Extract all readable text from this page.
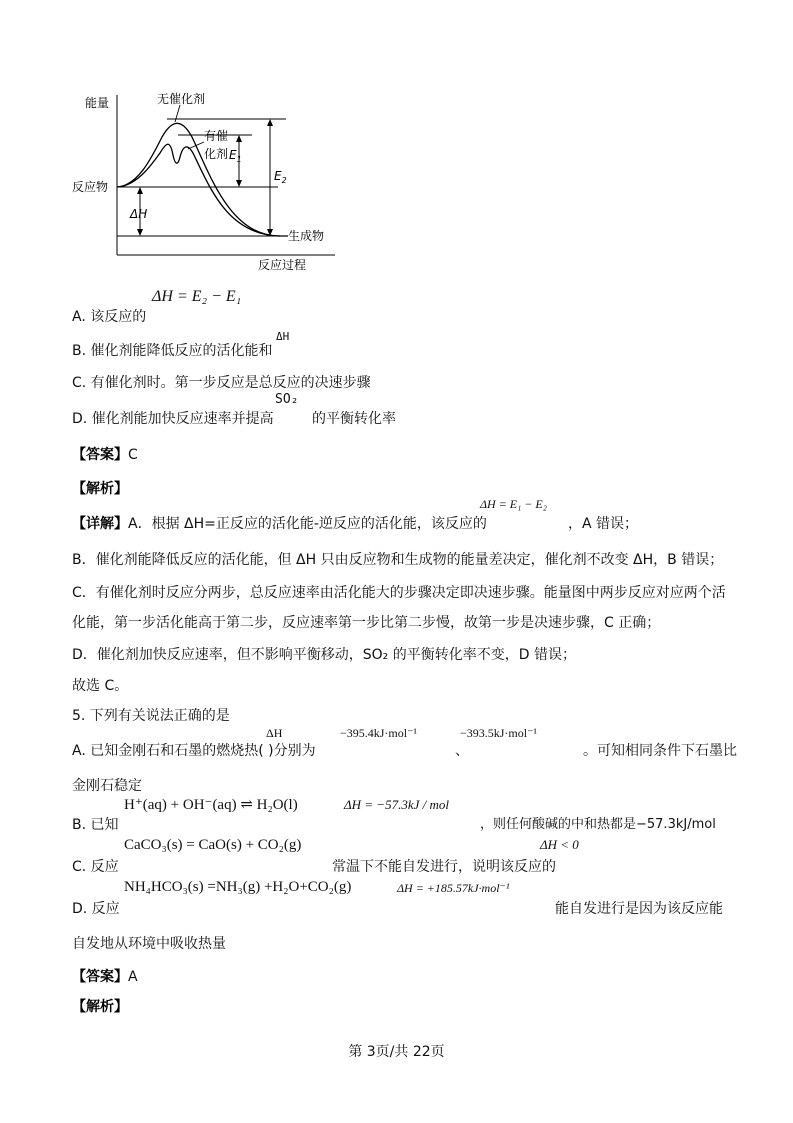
能量	无催化剂
有催
化剂 $E_1$
$E_2$
反应物
ΔH
生成物
反应过程
ΔH = E₂ − E₁
A. 该反应的
ΔH
B. 催化剂能降低反应的活化能和
C. 有催化剂时。第一步反应是总反应的决速步骤
SO₂
D. 催化剂能加快反应速率并提高	的平衡转化率
【答案】C
【解析】
ΔH = E₁ − E₂
【详解】A．根据 ΔH=正反应的活化能-逆反应的活化能，该反应的	，A 错误；
B．催化剂能降低反应的活化能，但 ΔH 只由反应物和生成物的能量差决定，催化剂不改变 ΔH，B 错误；
C．有催化剂时反应分两步，总反应速率由活化能大的步骤决定即决速步骤。能量图中两步反应对应两个活
化能，第一步活化能高于第二步，反应速率第一步比第二步慢，故第一步是决速步骤，C 正确；
D．催化剂加快反应速率，但不影响平衡移动，SO₂ 的平衡转化率不变，D 错误；
故选 C。
5. 下列有关说法正确的是
ΔH	−395.4kJ·mol⁻¹	−393.5kJ·mol⁻¹
A. 已知金刚石和石墨的燃烧热( )分别为	、	。可知相同条件下石墨比
金刚石稳定
H⁺(aq) + OH⁻(aq) ⇌ H₂O(l)	ΔH = −57.3kJ / mol
B. 已知	，则任何酸碱的中和热都是−57.3kJ/mol
CaCO₃(s) = CaO(s) + CO₂(g)	ΔH < 0
C. 反应	常温下不能自发进行，说明该反应的
NH₄HCO₃(s) =NH₃(g) +H₂O+CO₂(g)	ΔH = +185.57kJ·mol⁻¹
D. 反应	能自发进行是因为该反应能
自发地从环境中吸收热量
【答案】A
【解析】
第 3页/共 22页
